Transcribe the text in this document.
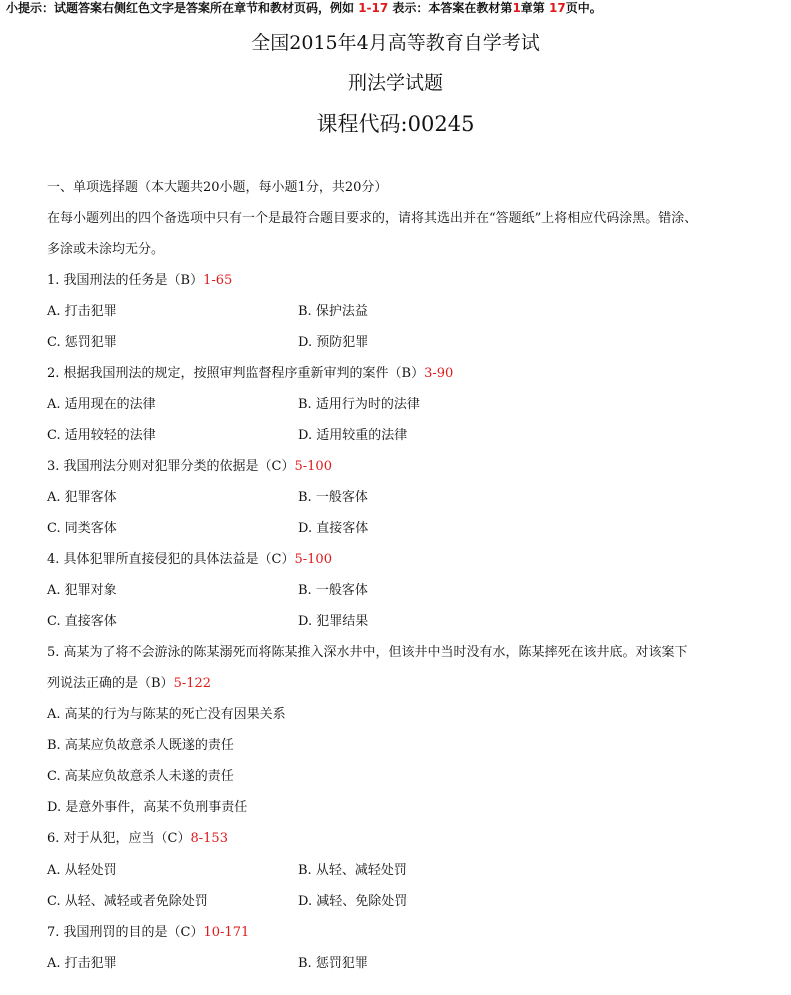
小提示：试题答案右侧红色文字是答案所在章节和教材页码，例如 1-17 表示：本答案在教材第1章第 17页中。
全国2015年4月高等教育自学考试
刑法学试题
课程代码:00245
一、单项选择题（本大题共20小题，每小题1分，共20分）
在每小题列出的四个备选项中只有一个是最符合题目要求的，请将其选出并在“答题纸”上将相应代码涂黑。错涂、
多涂或未涂均无分。
1. 我国刑法的任务是（B）1-65
A. 打击犯罪	B. 保护法益
C. 惩罚犯罪	D. 预防犯罪
2. 根据我国刑法的规定，按照审判监督程序重新审判的案件（B）3-90
A. 适用现在的法律	B. 适用行为时的法律
C. 适用较轻的法律	D. 适用较重的法律
3. 我国刑法分则对犯罪分类的依据是（C）5-100
A. 犯罪客体	B. 一般客体
C. 同类客体	D. 直接客体
4. 具体犯罪所直接侵犯的具体法益是（C）5-100
A. 犯罪对象	B. 一般客体
C. 直接客体	D. 犯罪结果
5. 高某为了将不会游泳的陈某溺死而将陈某推入深水井中，但该井中当时没有水，陈某摔死在该井底。对该案下
列说法正确的是（B）5-122
A. 高某的行为与陈某的死亡没有因果关系
B. 高某应负故意杀人既遂的责任
C. 高某应负故意杀人未遂的责任
D. 是意外事件，高某不负刑事责任
6. 对于从犯，应当（C）8-153
A. 从轻处罚	B. 从轻、减轻处罚
C. 从轻、减轻或者免除处罚	D. 减轻、免除处罚
7. 我国刑罚的目的是（C）10-171
A. 打击犯罪	B. 惩罚犯罪
